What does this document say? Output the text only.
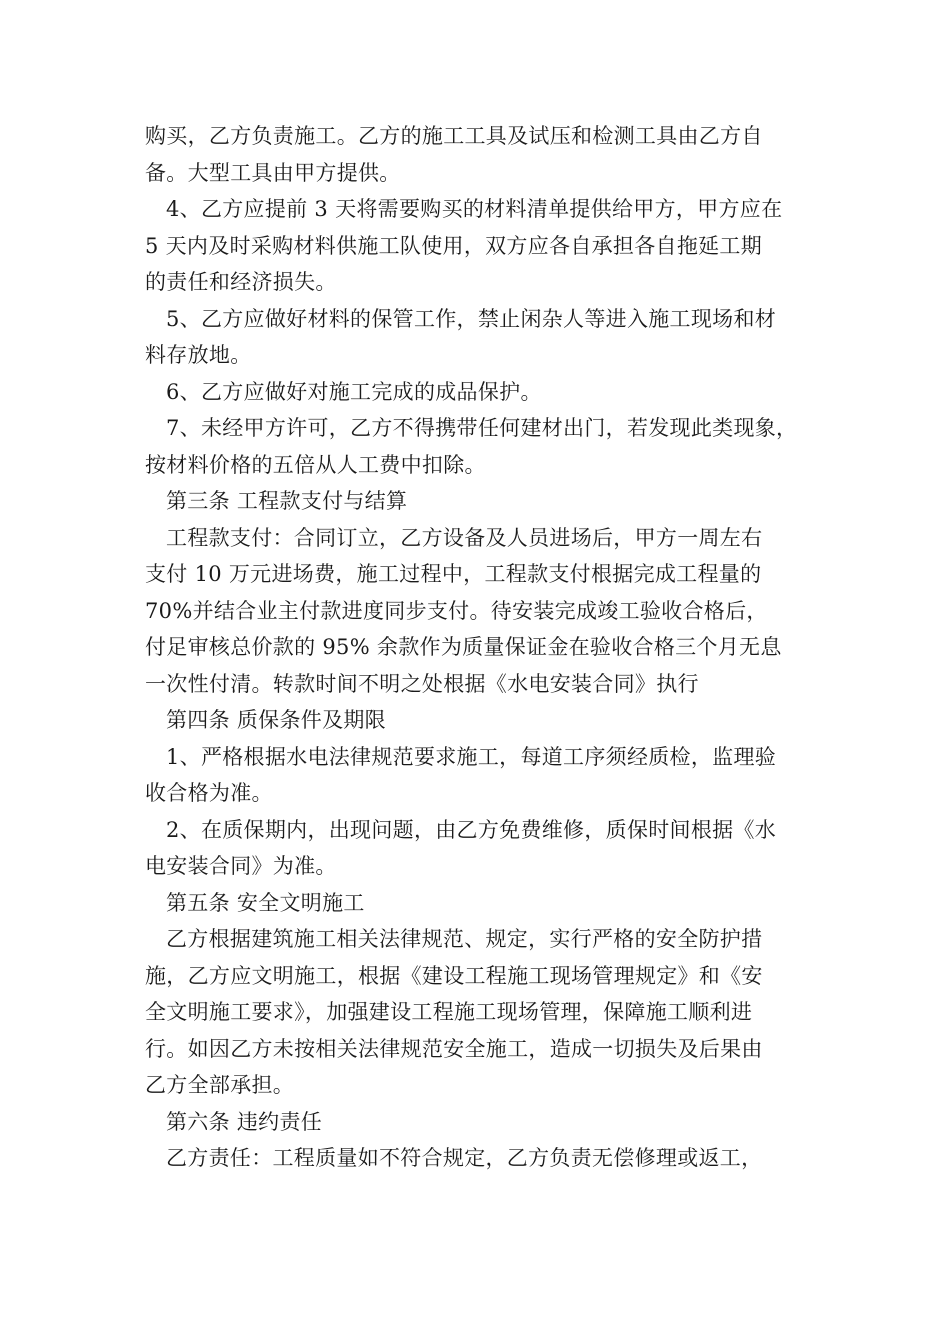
购买，乙方负责施工。乙方的施工工具及试压和检测工具由乙方自
备。大型工具由甲方提供。
4、乙方应提前 3 天将需要购买的材料清单提供给甲方，甲方应在
5 天内及时采购材料供施工队使用，双方应各自承担各自拖延工期
的责任和经济损失。
5、乙方应做好材料的保管工作，禁止闲杂人等进入施工现场和材
料存放地。
6、乙方应做好对施工完成的成品保护。
7、未经甲方许可，乙方不得携带任何建材出门，若发现此类现象，
按材料价格的五倍从人工费中扣除。
第三条 工程款支付与结算
工程款支付：合同订立，乙方设备及人员进场后，甲方一周左右
支付 10 万元进场费，施工过程中，工程款支付根据完成工程量的
70%并结合业主付款进度同步支付。待安装完成竣工验收合格后，
付足审核总价款的 95% 余款作为质量保证金在验收合格三个月无息
一次性付清。转款时间不明之处根据《水电安装合同》执行
第四条 质保条件及期限
1、严格根据水电法律规范要求施工，每道工序须经质检，监理验
收合格为准。
2、在质保期内，出现问题，由乙方免费维修，质保时间根据《水
电安装合同》为准。
第五条 安全文明施工
乙方根据建筑施工相关法律规范、规定，实行严格的安全防护措
施，乙方应文明施工，根据《建设工程施工现场管理规定》和《安
全文明施工要求》，加强建设工程施工现场管理，保障施工顺利进
行。如因乙方未按相关法律规范安全施工，造成一切损失及后果由
乙方全部承担。
第六条 违约责任
乙方责任：工程质量如不符合规定，乙方负责无偿修理或返工，
